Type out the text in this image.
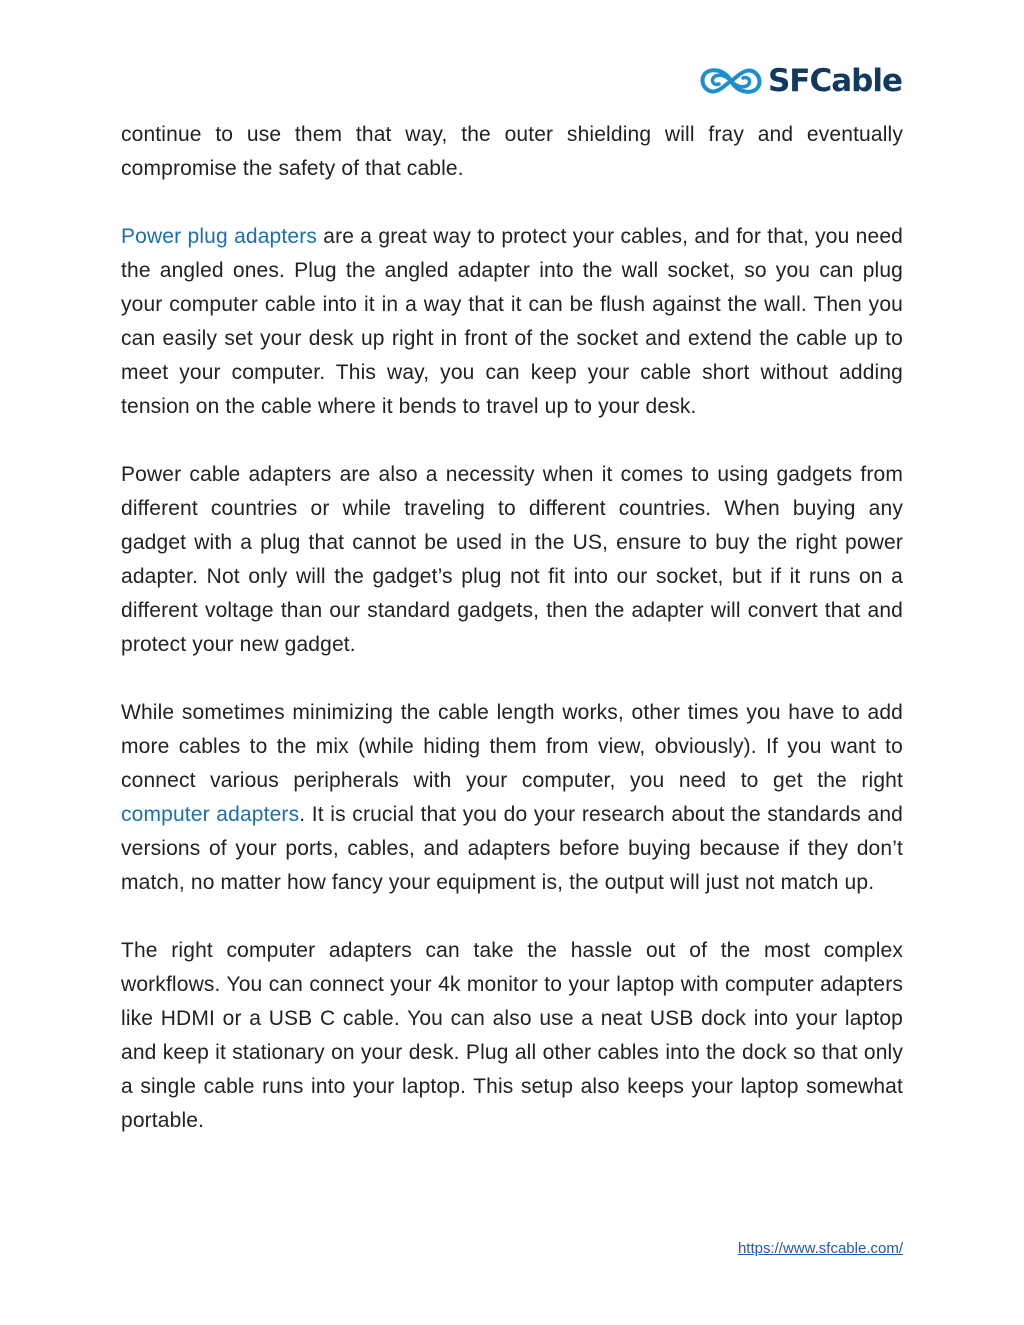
SFCable

continue to use them that way, the outer shielding will fray and eventually compromise the safety of that cable.

Power plug adapters are a great way to protect your cables, and for that, you need the angled ones. Plug the angled adapter into the wall socket, so you can plug your computer cable into it in a way that it can be flush against the wall. Then you can easily set your desk up right in front of the socket and extend the cable up to meet your computer. This way, you can keep your cable short without adding tension on the cable where it bends to travel up to your desk.

Power cable adapters are also a necessity when it comes to using gadgets from different countries or while traveling to different countries. When buying any gadget with a plug that cannot be used in the US, ensure to buy the right power adapter. Not only will the gadget’s plug not fit into our socket, but if it runs on a different voltage than our standard gadgets, then the adapter will convert that and protect your new gadget.

While sometimes minimizing the cable length works, other times you have to add more cables to the mix (while hiding them from view, obviously). If you want to connect various peripherals with your computer, you need to get the right computer adapters. It is crucial that you do your research about the standards and versions of your ports, cables, and adapters before buying because if they don’t match, no matter how fancy your equipment is, the output will just not match up.

The right computer adapters can take the hassle out of the most complex workflows. You can connect your 4k monitor to your laptop with computer adapters like HDMI or a USB C cable. You can also use a neat USB dock into your laptop and keep it stationary on your desk. Plug all other cables into the dock so that only a single cable runs into your laptop. This setup also keeps your laptop somewhat portable.

https://www.sfcable.com/
